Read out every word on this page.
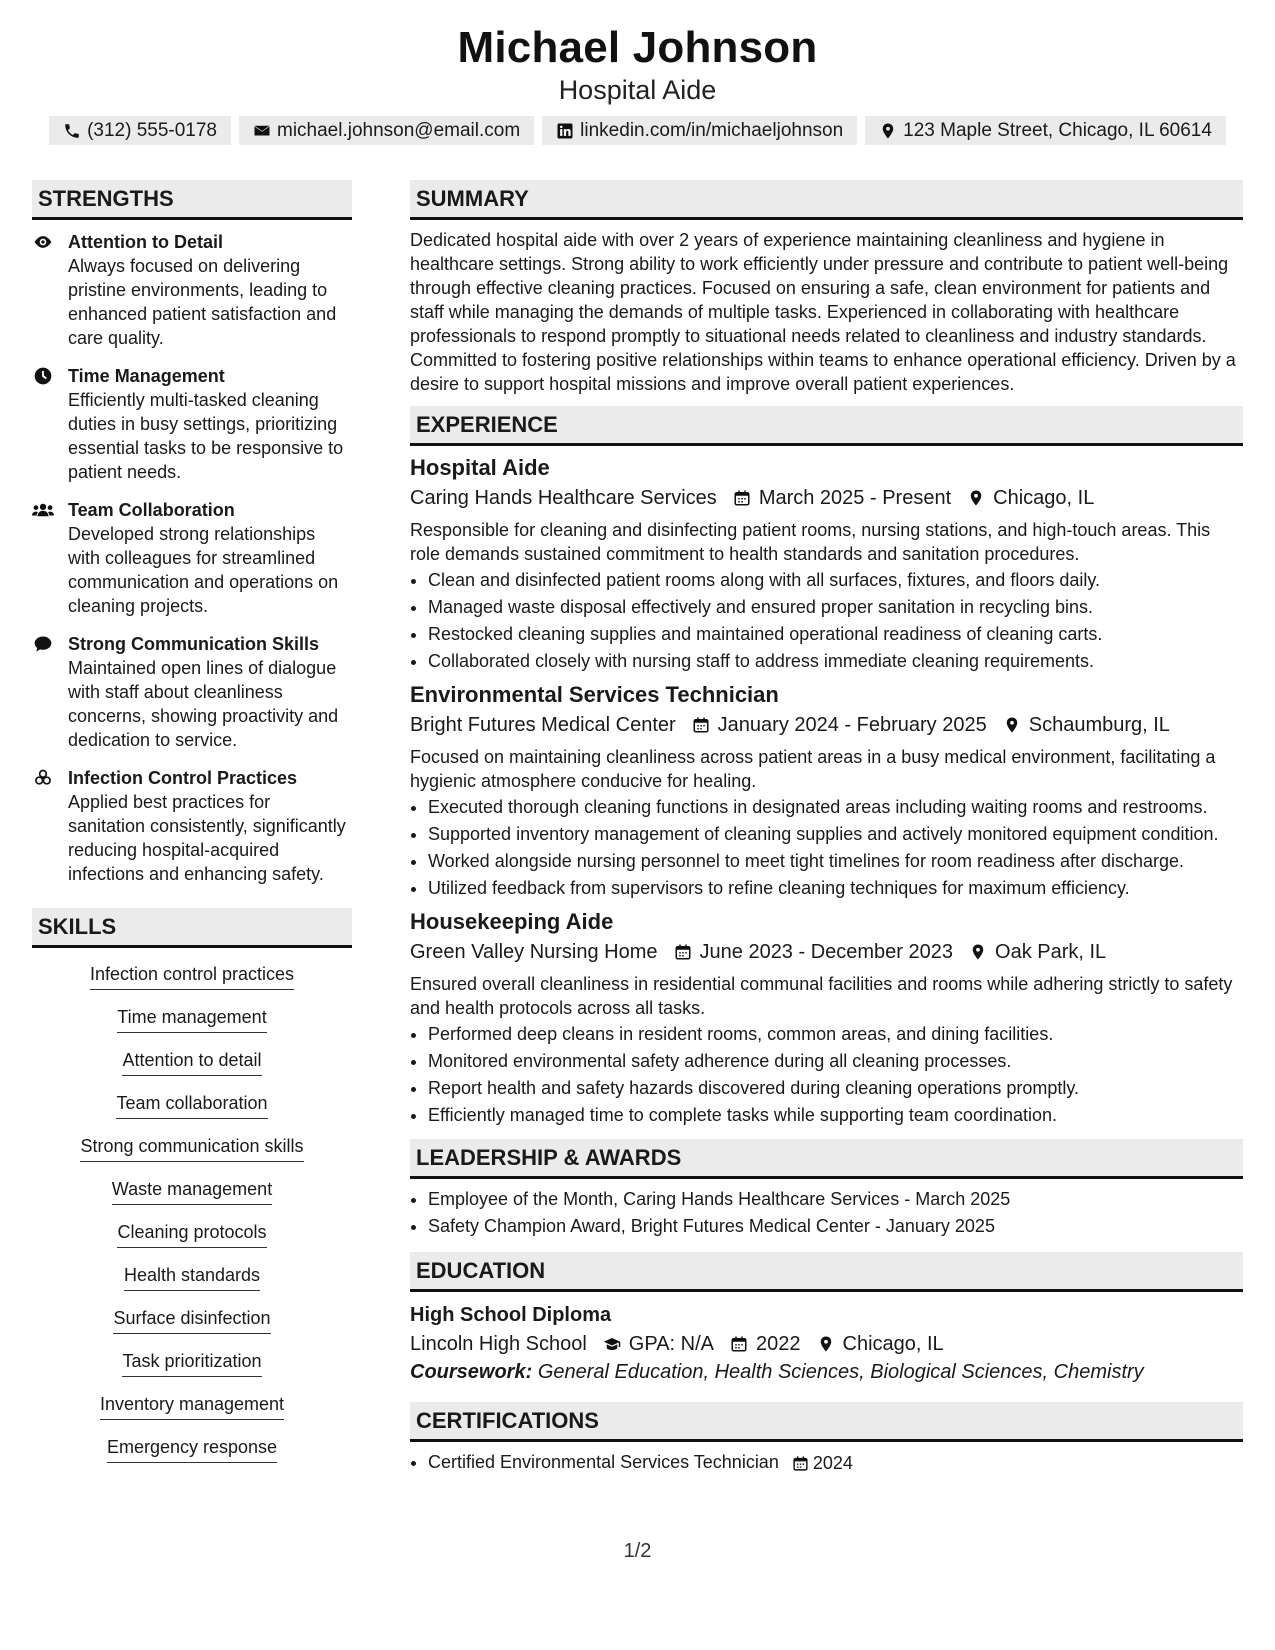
Michael Johnson
Hospital Aide
(312) 555-0178	michael.johnson@email.com	linkedin.com/in/michaeljohnson	123 Maple Street, Chicago, IL 60614
STRENGTHS
Attention to Detail
Always focused on delivering pristine environments, leading to enhanced patient satisfaction and care quality.
Time Management
Efficiently multi-tasked cleaning duties in busy settings, prioritizing essential tasks to be responsive to patient needs.
Team Collaboration
Developed strong relationships with colleagues for streamlined communication and operations on cleaning projects.
Strong Communication Skills
Maintained open lines of dialogue with staff about cleanliness concerns, showing proactivity and dedication to service.
Infection Control Practices
Applied best practices for sanitation consistently, significantly reducing hospital-acquired infections and enhancing safety.
SKILLS
Infection control practices
Time management
Attention to detail
Team collaboration
Strong communication skills
Waste management
Cleaning protocols
Health standards
Surface disinfection
Task prioritization
Inventory management
Emergency response
SUMMARY

Dedicated hospital aide with over 2 years of experience maintaining cleanliness and hygiene in healthcare settings. Strong ability to work efficiently under pressure and contribute to patient well-being through effective cleaning practices. Focused on ensuring a safe, clean environment for patients and staff while managing the demands of multiple tasks. Experienced in collaborating with healthcare professionals to respond promptly to situational needs related to cleanliness and industry standards. Committed to fostering positive relationships within teams to enhance operational efficiency. Driven by a desire to support hospital missions and improve overall patient experiences.

EXPERIENCE
Hospital Aide
Caring Hands Healthcare Services March 2025 - Present Chicago, IL
Responsible for cleaning and disinfecting patient rooms, nursing stations, and high-touch areas. This role demands sustained commitment to health standards and sanitation procedures.
• Clean and disinfected patient rooms along with all surfaces, fixtures, and floors daily.
• Managed waste disposal effectively and ensured proper sanitation in recycling bins.
• Restocked cleaning supplies and maintained operational readiness of cleaning carts.
• Collaborated closely with nursing staff to address immediate cleaning requirements.
Environmental Services Technician
Bright Futures Medical Center January 2024 - February 2025 Schaumburg, IL
Focused on maintaining cleanliness across patient areas in a busy medical environment, facilitating a hygienic atmosphere conducive for healing.
• Executed thorough cleaning functions in designated areas including waiting rooms and restrooms.
• Supported inventory management of cleaning supplies and actively monitored equipment condition.
• Worked alongside nursing personnel to meet tight timelines for room readiness after discharge.
• Utilized feedback from supervisors to refine cleaning techniques for maximum efficiency.
Housekeeping Aide
Green Valley Nursing Home June 2023 - December 2023 Oak Park, IL
Ensured overall cleanliness in residential communal facilities and rooms while adhering strictly to safety and health protocols across all tasks.
• Performed deep cleans in resident rooms, common areas, and dining facilities.
• Monitored environmental safety adherence during all cleaning processes.
• Report health and safety hazards discovered during cleaning operations promptly.
• Efficiently managed time to complete tasks while supporting team coordination.
LEADERSHIP & AWARDS
• Employee of the Month, Caring Hands Healthcare Services - March 2025
• Safety Champion Award, Bright Futures Medical Center - January 2025
EDUCATION
High School Diploma
Lincoln High School GPA: N/A 2022 Chicago, IL
Coursework: General Education, Health Sciences, Biological Sciences, Chemistry
CERTIFICATIONS
• Certified Environmental Services Technician 2024
1/2
